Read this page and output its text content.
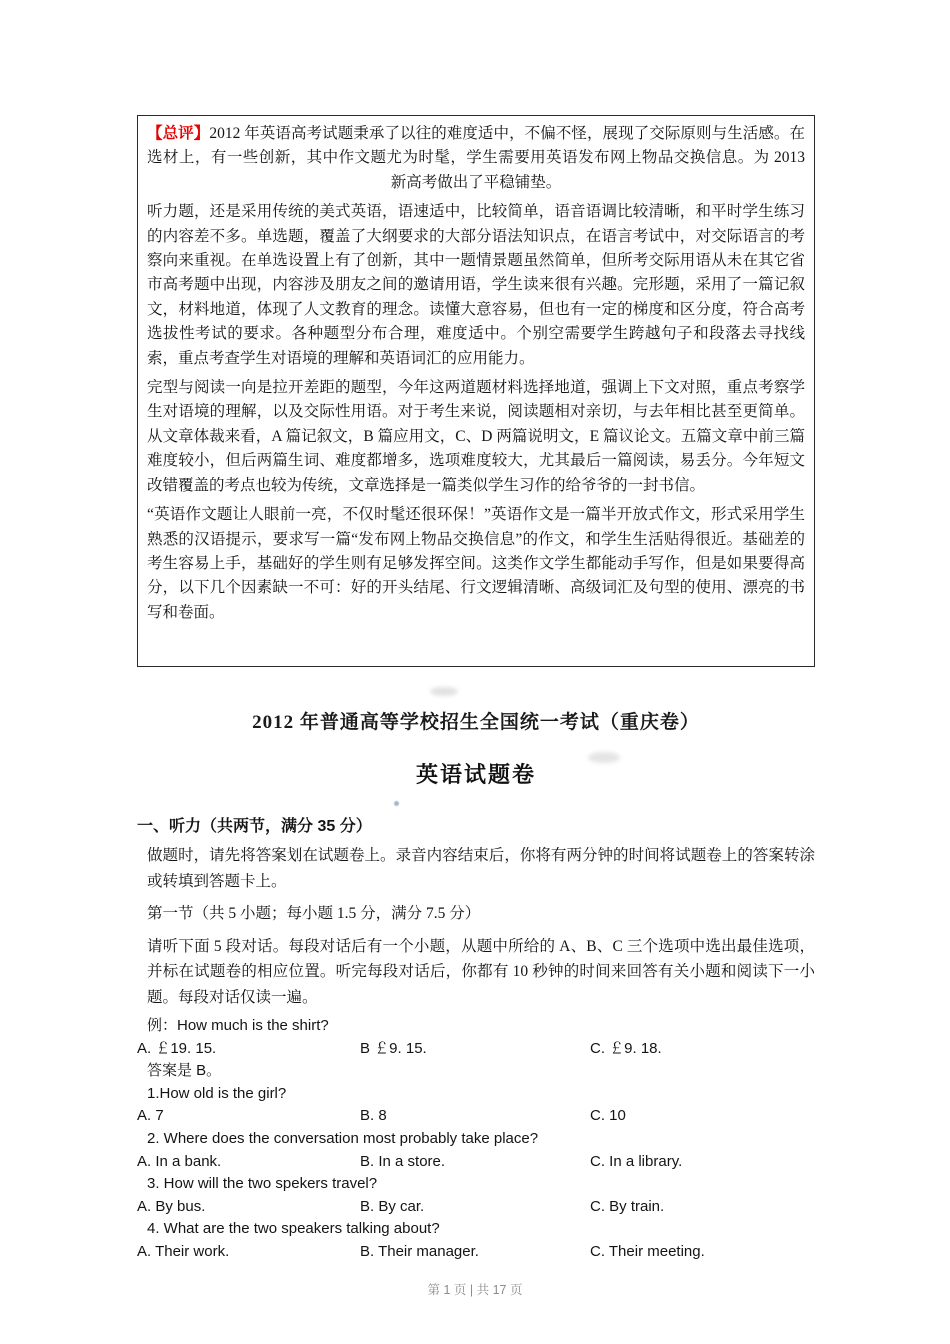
【总评】2012 年英语高考试题秉承了以往的难度适中，不偏不怪，展现了交际原则与生活感。在选材上，有一些创新，其中作文题尤为时髦，学生需要用英语发布网上物品交换信息。为 2013 新高考做出了平稳铺垫。

听力题，还是采用传统的美式英语，语速适中，比较简单，语音语调比较清晰，和平时学生练习的内容差不多。单选题，覆盖了大纲要求的大部分语法知识点，在语言考试中，对交际语言的考察向来重视。在单选设置上有了创新，其中一题情景题虽然简单，但所考交际用语从未在其它省市高考题中出现，内容涉及朋友之间的邀请用语，学生读来很有兴趣。完形题，采用了一篇记叙文，材料地道，体现了人文教育的理念。读懂大意容易，但也有一定的梯度和区分度，符合高考选拔性考试的要求。各种题型分布合理，难度适中。个别空需要学生跨越句子和段落去寻找线索，重点考查学生对语境的理解和英语词汇的应用能力。

完型与阅读一向是拉开差距的题型，今年这两道题材料选择地道，强调上下文对照，重点考察学生对语境的理解，以及交际性用语。对于考生来说，阅读题相对亲切，与去年相比甚至更简单。从文章体裁来看，A 篇记叙文，B 篇应用文，C、D 两篇说明文，E 篇议论文。五篇文章中前三篇难度较小，但后两篇生词、难度都增多，选项难度较大，尤其最后一篇阅读，易丢分。今年短文改错覆盖的考点也较为传统，文章选择是一篇类似学生习作的给爷爷的一封书信。

“英语作文题让人眼前一亮，不仅时髦还很环保！”英语作文是一篇半开放式作文，形式采用学生熟悉的汉语提示，要求写一篇“发布网上物品交换信息”的作文，和学生生活贴得很近。基础差的考生容易上手，基础好的学生则有足够发挥空间。这类作文学生都能动手写作，但是如果要得高分，以下几个因素缺一不可：好的开头结尾、行文逻辑清晰、高级词汇及句型的使用、漂亮的书写和卷面。

2012 年普通高等学校招生全国统一考试（重庆卷）
英语试题卷
一、听力（共两节，满分 35 分）

做题时，请先将答案划在试题卷上。录音内容结束后，你将有两分钟的时间将试题卷上的答案转涂或转填到答题卡上。

第一节（共 5 小题；每小题 1.5 分，满分 7.5 分）

请听下面 5 段对话。每段对话后有一个小题，从题中所给的 A、B、C 三个选项中选出最佳选项，并标在试题卷的相应位置。听完每段对话后，你都有 10 秒钟的时间来回答有关小题和阅读下一小题。每段对话仅读一遍。

例：How much is the shirt?

A. ￡19. 15.	B ￡9. 15.	C. ￡9. 18.

答案是 B。

1.How old is the girl?

A. 7	B. 8	C. 10

2. Where does the conversation most probably take place?

A. In a bank.	B. In a store.	C. In a library.

3. How will the two spekers travel?

A. By bus.	B. By car.	C. By train.

4. What are the two speakers talking about?

A. Their work.	B. Their manager.	C. Their meeting.
第 1 页 | 共 17 页
